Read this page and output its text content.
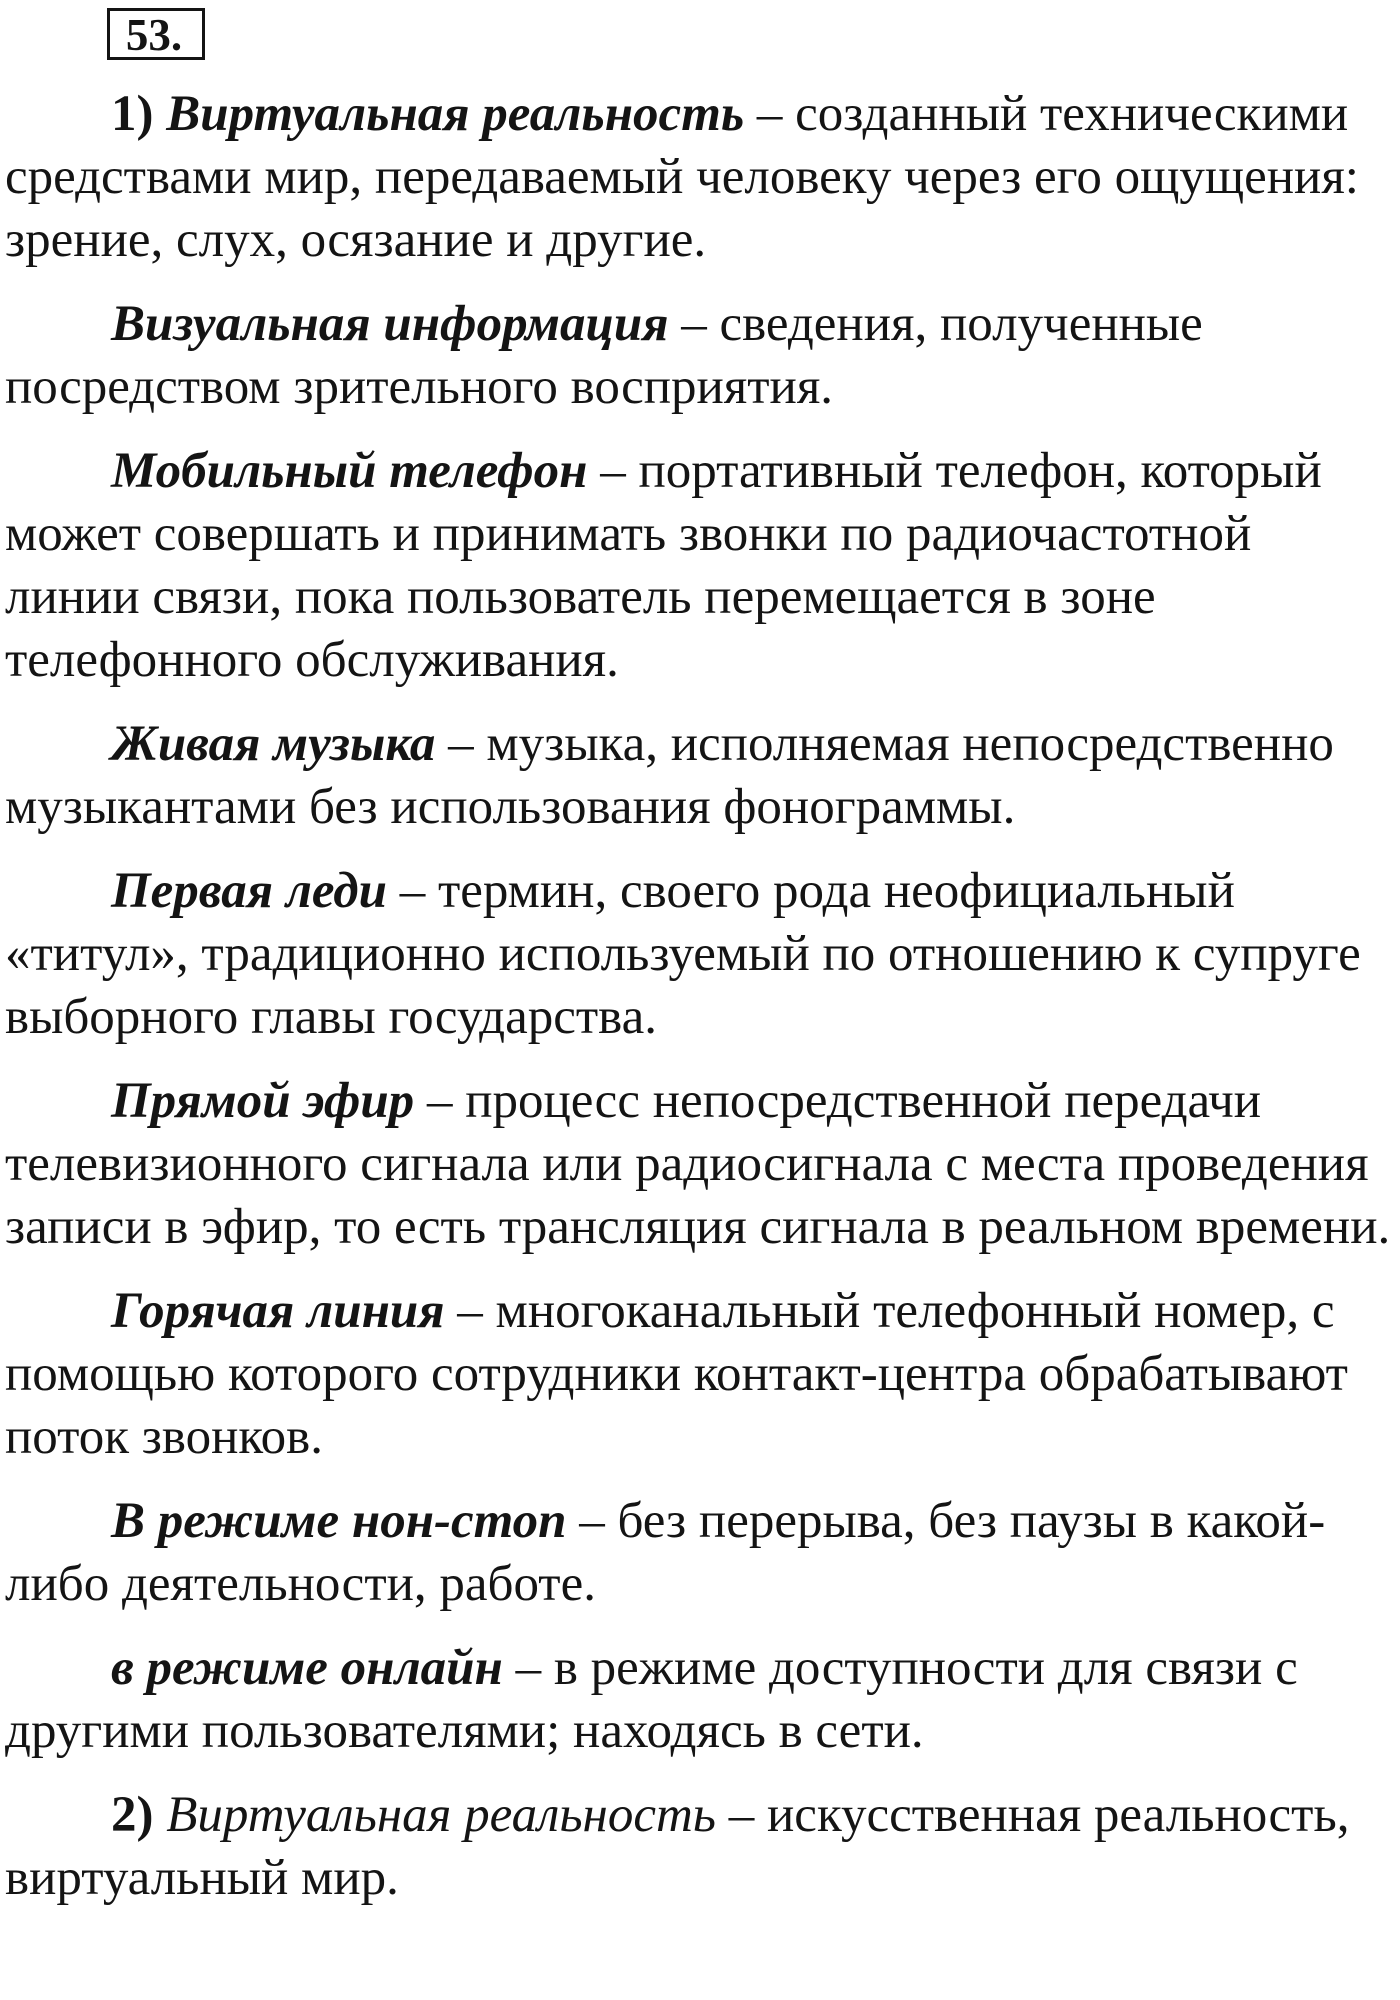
53.

1) Виртуальная реальность – созданный техническими средствами мир, передаваемый человеку через его ощущения: зрение, слух, осязание и другие.

Визуальная информация – сведения, полученные посредством зрительного восприятия.

Мобильный телефон – портативный телефон, который может совершать и принимать звонки по радиочастотной линии связи, пока пользователь перемещается в зоне телефонного обслуживания.

Живая музыка – музыка, исполняемая непосредственно музыкантами без использования фонограммы.

Первая леди – термин, своего рода неофициальный «титул», традиционно используемый по отношению к супруге выборного главы государства.

Прямой эфир – процесс непосредственной передачи телевизионного сигнала или радиосигнала с места проведения записи в эфир, то есть трансляция сигнала в реальном времени.

Горячая линия – многоканальный телефонный номер, с помощью которого сотрудники контакт-центра обрабатывают поток звонков.

В режиме нон-стоп – без перерыва, без паузы в какой-либо деятельности, работе.

в режиме онлайн – в режиме доступности для связи с другими пользователями; находясь в сети.

2) Виртуальная реальность – искусственная реальность, виртуальный мир.
